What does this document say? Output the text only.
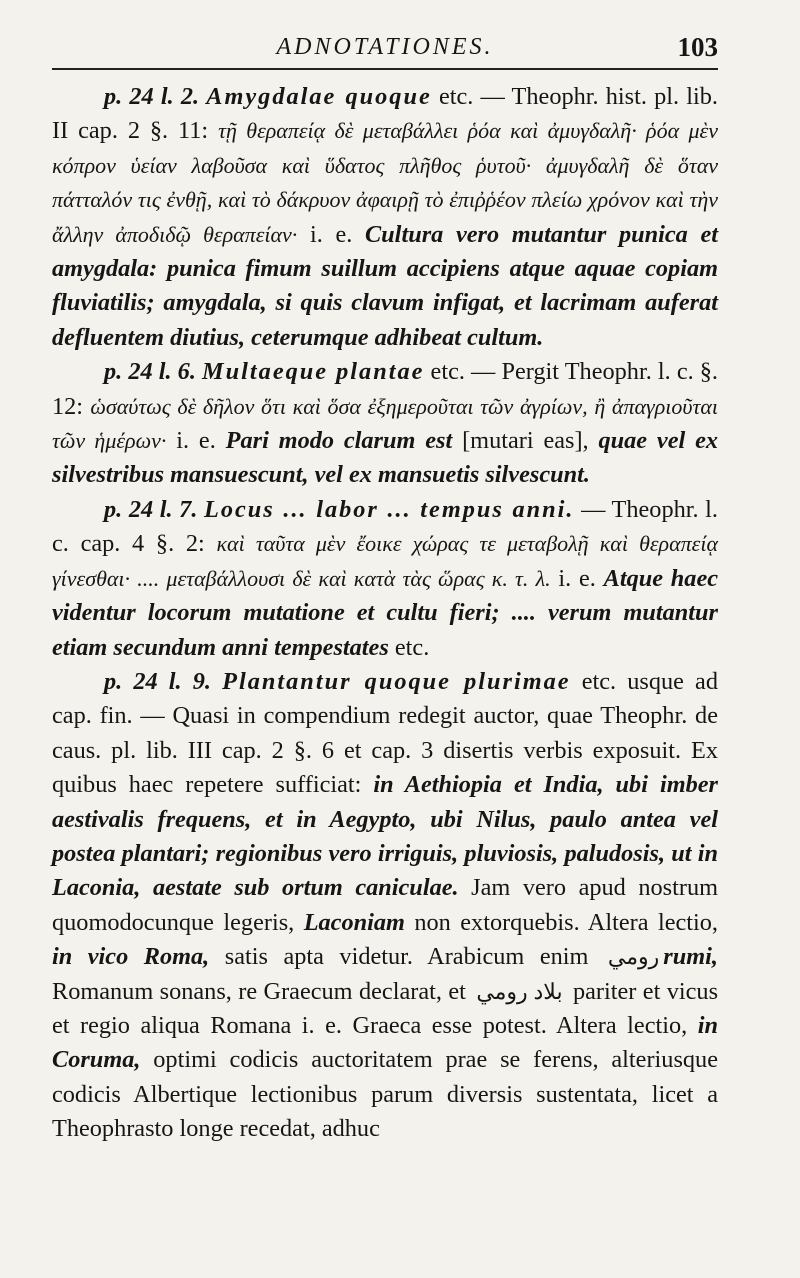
ADNOTATIONES.	103

p. 24 l. 2. Amygdalae quoque etc. — Theophr. hist. pl. lib. II cap. 2 §. 11: τῇ θεραπείᾳ δὲ μεταβάλλει ῥόα καὶ ἀμυγδαλῆ· ῥόα μὲν κόπρον ὑείαν λαβοῦσα καὶ ὕδατος πλῆθος ῥυτοῦ· ἀμυγδαλῆ δὲ ὅταν πάτταλόν τις ἐνθῇ, καὶ τὸ δάκρυον ἀφαιρῇ τὸ ἐπιῤῥέον πλείω χρόνον καὶ τὴν ἄλλην ἀποδιδῷ θεραπείαν· i. e. Cultura vero mutantur punica et amygdala: punica fimum suillum accipiens atque aquae copiam fluviatilis; amygdala, si quis clavum infigat, et lacrimam auferat defluentem diutius, ceterumque adhibeat cultum.

p. 24 l. 6. Multaeque plantae etc. — Pergit Theophr. l. c. §. 12: ὡσαύτως δὲ δῆλον ὅτι καὶ ὅσα ἐξημεροῦται τῶν ἀγρίων, ἢ ἀπαγριοῦται τῶν ἡμέρων· i. e. Pari modo clarum est [mutari eas], quae vel ex silvestribus mansuescunt, vel ex mansuetis silvescunt.

p. 24 l. 7. Locus ... labor ... tempus anni. — Theophr. l. c. cap. 4 §. 2: καὶ ταῦτα μὲν ἔοικε χώρας τε μεταβολῇ καὶ θεραπείᾳ γίνεσθαι· .... μεταβάλλουσι δὲ καὶ κατὰ τὰς ὥρας κ. τ. λ. i. e. Atque haec videntur locorum mutatione et cultu fieri; .... verum mutantur etiam secundum anni tempestates etc.

p. 24 l. 9. Plantantur quoque plurimae etc. usque ad cap. fin. — Quasi in compendium redegit auctor, quae Theophr. de caus. pl. lib. III cap. 2 §. 6 et cap. 3 disertis verbis exposuit. Ex quibus haec repetere sufficiat: in Aethiopia et India, ubi imber aestivalis frequens, et in Aegypto, ubi Nilus, paulo antea vel postea plantari; regionibus vero irriguis, pluviosis, paludosis, ut in Laconia, aestate sub ortum caniculae. Jam vero apud nostrum quomodocunque legeris, Laconiam non extorquebis. Altera lectio, in vico Roma, satis apta videtur. Arabicum enim رومي rumi, Romanum sonans, re Graecum declarat, et بلاد رومي pariter et vicus et regio aliqua Romana i. e. Graeca esse potest. Altera lectio, in Coruma, optimi codicis auctoritatem prae se ferens, alteriusque codicis Albertique lectionibus parum diversis sustentata, licet a Theophrasto longe recedat, adhuc
